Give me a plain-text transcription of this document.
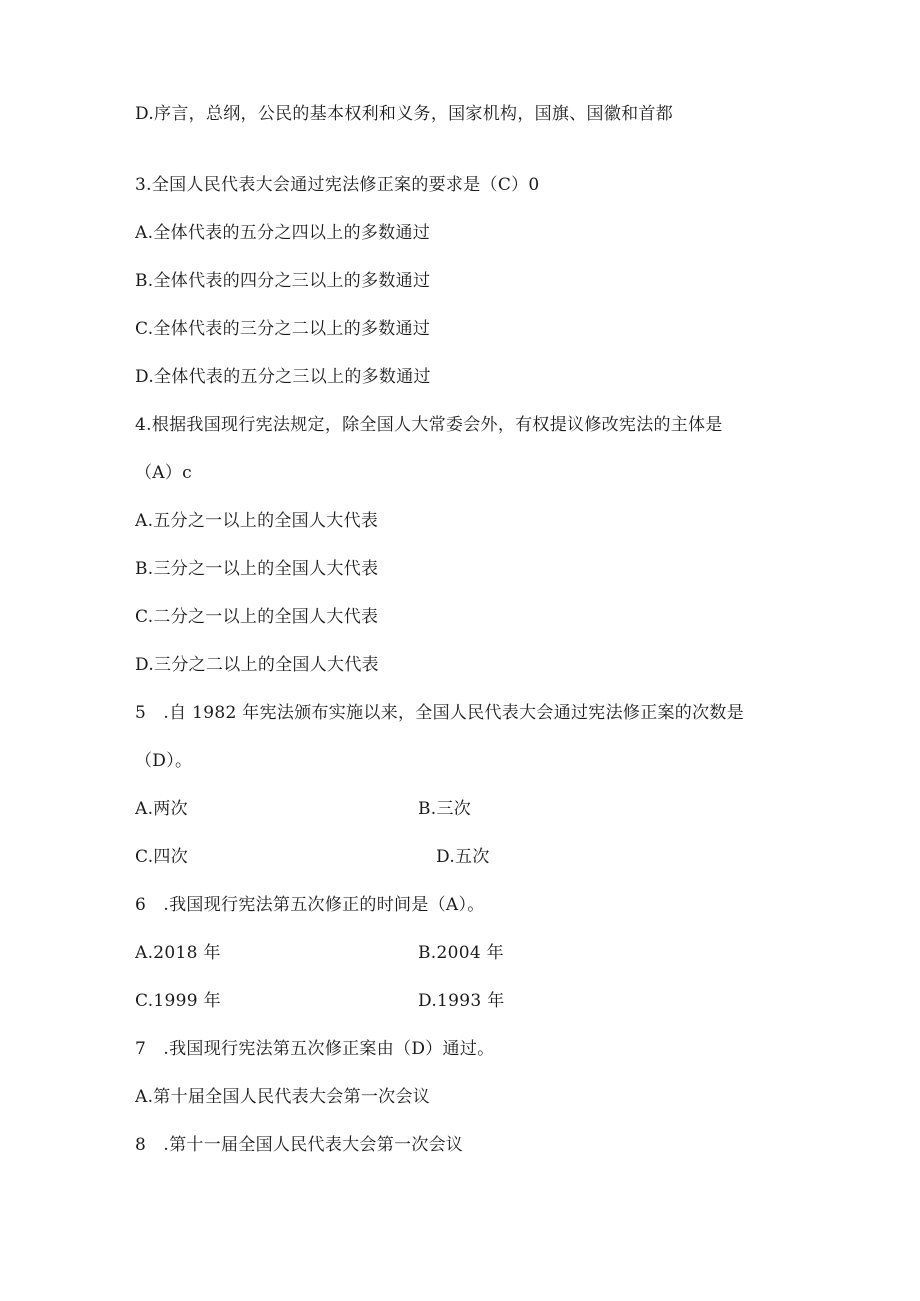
D.序言，总纲，公民的基本权利和义务，国家机构，国旗、国徽和首都
3.全国人民代表大会通过宪法修正案的要求是（C）0
A.全体代表的五分之四以上的多数通过
B.全体代表的四分之三以上的多数通过
C.全体代表的三分之二以上的多数通过
D.全体代表的五分之三以上的多数通过
4.根据我国现行宪法规定，除全国人大常委会外，有权提议修改宪法的主体是
（A）c
A.五分之一以上的全国人大代表
B.三分之一以上的全国人大代表
C.二分之一以上的全国人大代表
D.三分之二以上的全国人大代表
5　.自 1982 年宪法颁布实施以来，全国人民代表大会通过宪法修正案的次数是
（D）。
A.两次	B.三次
C.四次	D.五次
6　.我国现行宪法第五次修正的时间是（A）。
A.2018 年	B.2004 年
C.1999 年	D.1993 年
7　.我国现行宪法第五次修正案由（D）通过。
A.第十届全国人民代表大会第一次会议
8　.第十一届全国人民代表大会第一次会议
